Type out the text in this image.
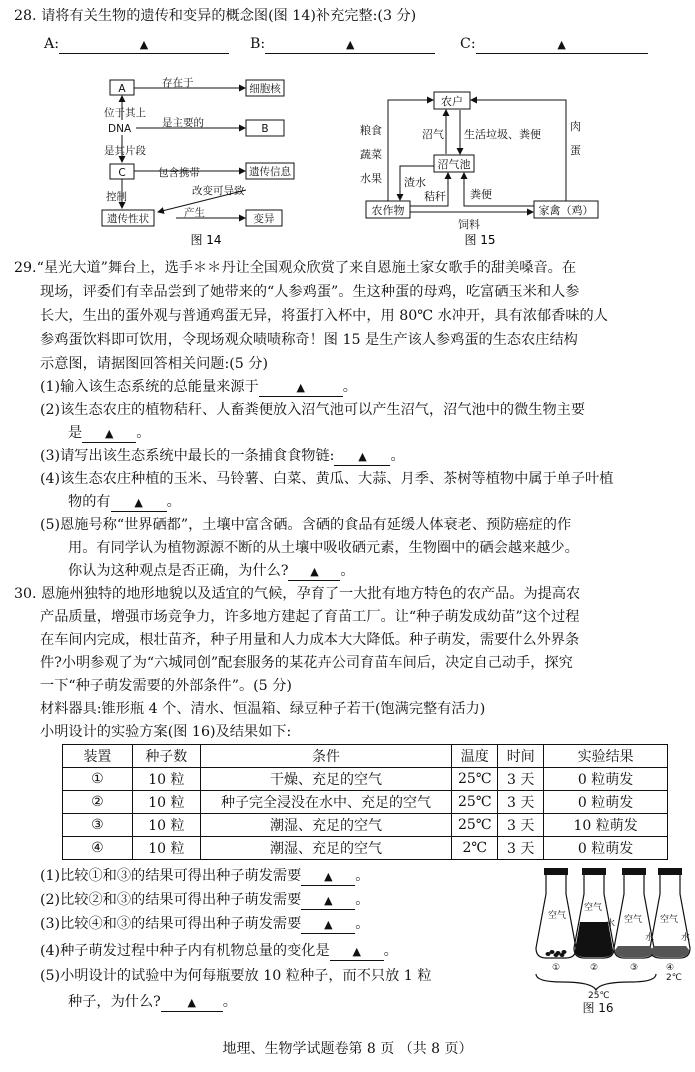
28. 请将有关生物的遗传和变异的概念图(图 14)补充完整:(3 分)
A:	▲	B:	▲	C:	▲
A	细胞核
存在于
位于其上
DNA	是主要的	B
是其片段
C	包含携带	遗传信息
控制
遗传性状	产生	变异
改变可导致
图 14
农户
沼气池
农作物	家禽（鸡）
粮食
蔬菜
水果
肉
蛋
沼气 生活垃圾、粪便
渣水
秸秆 粪便
饲料
图 15
29.“星光大道”舞台上，选手＊＊丹让全国观众欣赏了来自恩施土家女歌手的甜美嗓音。在
现场，评委们有幸品尝到了她带来的“人参鸡蛋”。生这种蛋的母鸡，吃富硒玉米和人参
长大，生出的蛋外观与普通鸡蛋无异，将蛋打入杯中，用 80℃ 水冲开，具有浓郁香味的人
参鸡蛋饮料即可饮用，令现场观众啧啧称奇！图 15 是生产该人参鸡蛋的生态农庄结构
示意图，请据图回答相关问题:(5 分)
(1)输入该生态系统的总能量来源于	▲	。
(2)该生态农庄的植物秸秆、人畜粪便放入沼气池可以产生沼气，沼气池中的微生物主要
是 ▲ 。
(3)请写出该生态系统中最长的一条捕食食物链: ▲ 。
(4)该生态农庄种植的玉米、马铃薯、白菜、黄瓜、大蒜、月季、茶树等植物中属于单子叶植
物的有 ▲ 。
(5)恩施号称“世界硒都”，土壤中富含硒。含硒的食品有延缓人体衰老、预防癌症的作
用。有同学认为植物源源不断的从土壤中吸收硒元素，生物圈中的硒会越来越少。
你认为这种观点是否正确，为什么? ▲ 。
30. 恩施州独特的地形地貌以及适宜的气候，孕育了一大批有地方特色的农产品。为提高农
产品质量，增强市场竞争力，许多地方建起了育苗工厂。让“种子萌发成幼苗”这个过程
在车间内完成，根壮苗齐，种子用量和人力成本大大降低。种子萌发，需要什么外界条
件?小明参观了为“六城同创”配套服务的某花卉公司育苗车间后，决定自己动手，探究
一下“种子萌发需要的外部条件”。(5 分)
材料器具:锥形瓶 4 个、清水、恒温箱、绿豆种子若干(饱满完整有活力)
小明设计的实验方案(图 16)及结果如下:
装置	种子数	条件	温度	时间	实验结果
①	10 粒	干燥、充足的空气	25℃	3 天	0 粒萌发
②	10 粒	种子完全浸没在水中、充足的空气	25℃	3 天	0 粒萌发
③	10 粒	潮湿、充足的空气	25℃	3 天	10 粒萌发
④	10 粒	潮湿、充足的空气	2℃	3 天	0 粒萌发
(1)比较①和③的结果可得出种子萌发需要 ▲ 。
(2)比较②和③的结果可得出种子萌发需要 ▲ 。
(3)比较④和③的结果可得出种子萌发需要 ▲ 。
(4)种子萌发过程中种子内有机物总量的变化是 ▲ 。
(5)小明设计的试验中为何每瓶要放 10 粒种子，而不只放 1 粒
种子，为什么? ▲ 。
空气
空气
水 空气
水
空气
水
①	②	③	④
2℃
25℃
图 16
地理、生物学试题卷第 8 页 （共 8 页）
